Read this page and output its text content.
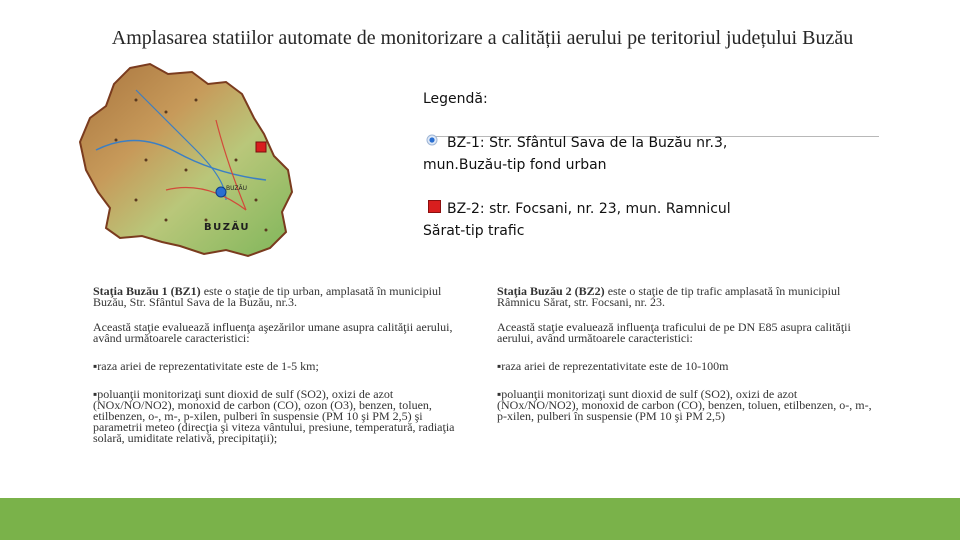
Amplasarea statiilor automate de monitorizare a calității aerului pe teritoriul județului Buzău
BUZĂU
BUZĂU
Legendă:
BZ-1: Str. Sfântul Sava de la Buzău nr.3, mun.Buzău-tip fond urban
BZ-2: str. Focsani, nr. 23, mun. Ramnicul Sărat-tip trafic

Staţia Buzău 1 (BZ1) este o staţie de tip urban, amplasată în municipiul Buzău, Str. Sfântul Sava de la Buzău, nr.3.

Această staţie evaluează influenţa aşezărilor umane asupra calităţii aerului, având următoarele caracteristici:

▪raza ariei de reprezentativitate este de 1-5 km;

▪poluanţii monitorizaţi sunt dioxid de sulf (SO2), oxizi de azot (NOx/NO/NO2), monoxid de carbon (CO), ozon (O3), benzen, toluen, etilbenzen, o-, m-, p-xilen, pulberi în suspensie (PM 10 şi PM 2,5) şi parametrii meteo (direcţia şi viteza vântului, presiune, temperatură, radiaţia solară, umiditate relativă, precipitaţii);

Staţia Buzău 2 (BZ2) este o staţie de tip trafic amplasată în municipiul Râmnicu Sărat, str. Focsani, nr. 23.

Această staţie evaluează influenţa traficului de pe DN E85 asupra calităţii aerului, având următoarele caracteristici:

▪raza ariei de reprezentativitate este de 10-100m

▪poluanţii monitorizaţi sunt dioxid de sulf (SO2), oxizi de azot (NOx/NO/NO2), monoxid de carbon (CO), benzen, toluen, etilbenzen, o-, m-, p-xilen, pulberi în suspensie (PM 10 şi PM 2,5)
